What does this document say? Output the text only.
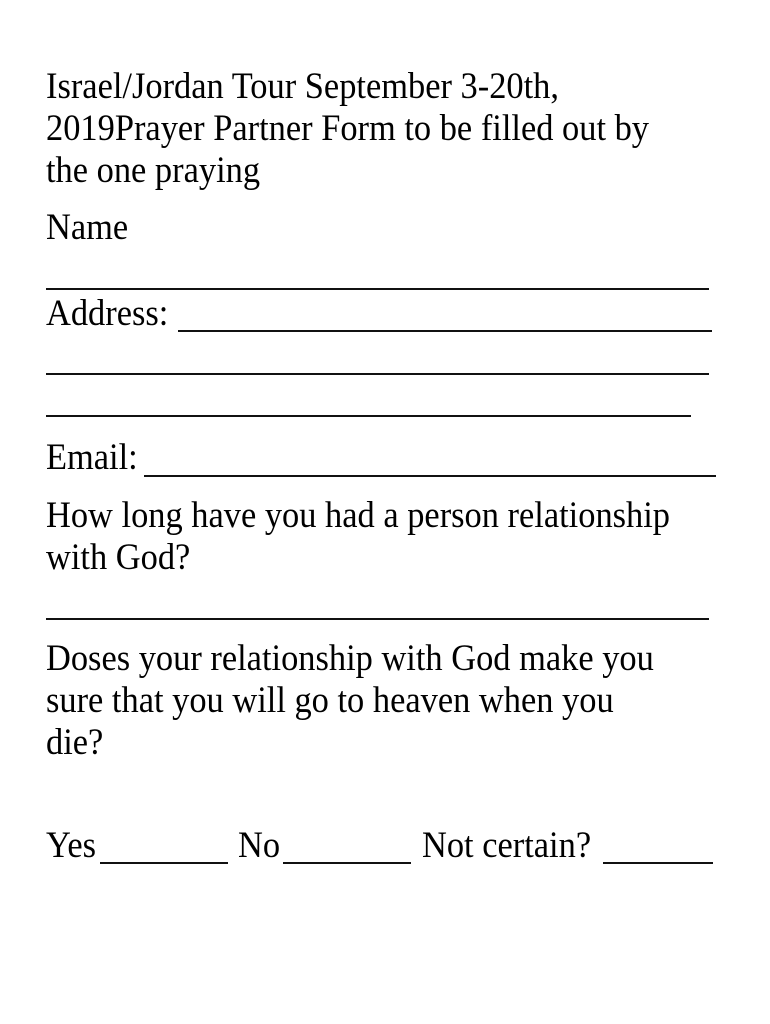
Israel/Jordan Tour September 3-20th,
2019Prayer Partner Form to be filled out by
the one praying
Name
Address:
Email:
How long have you had a person relationship
with God?
Doses your relationship with God make you
sure that you will go to heaven when you
die?
Yes	No	Not certain?
